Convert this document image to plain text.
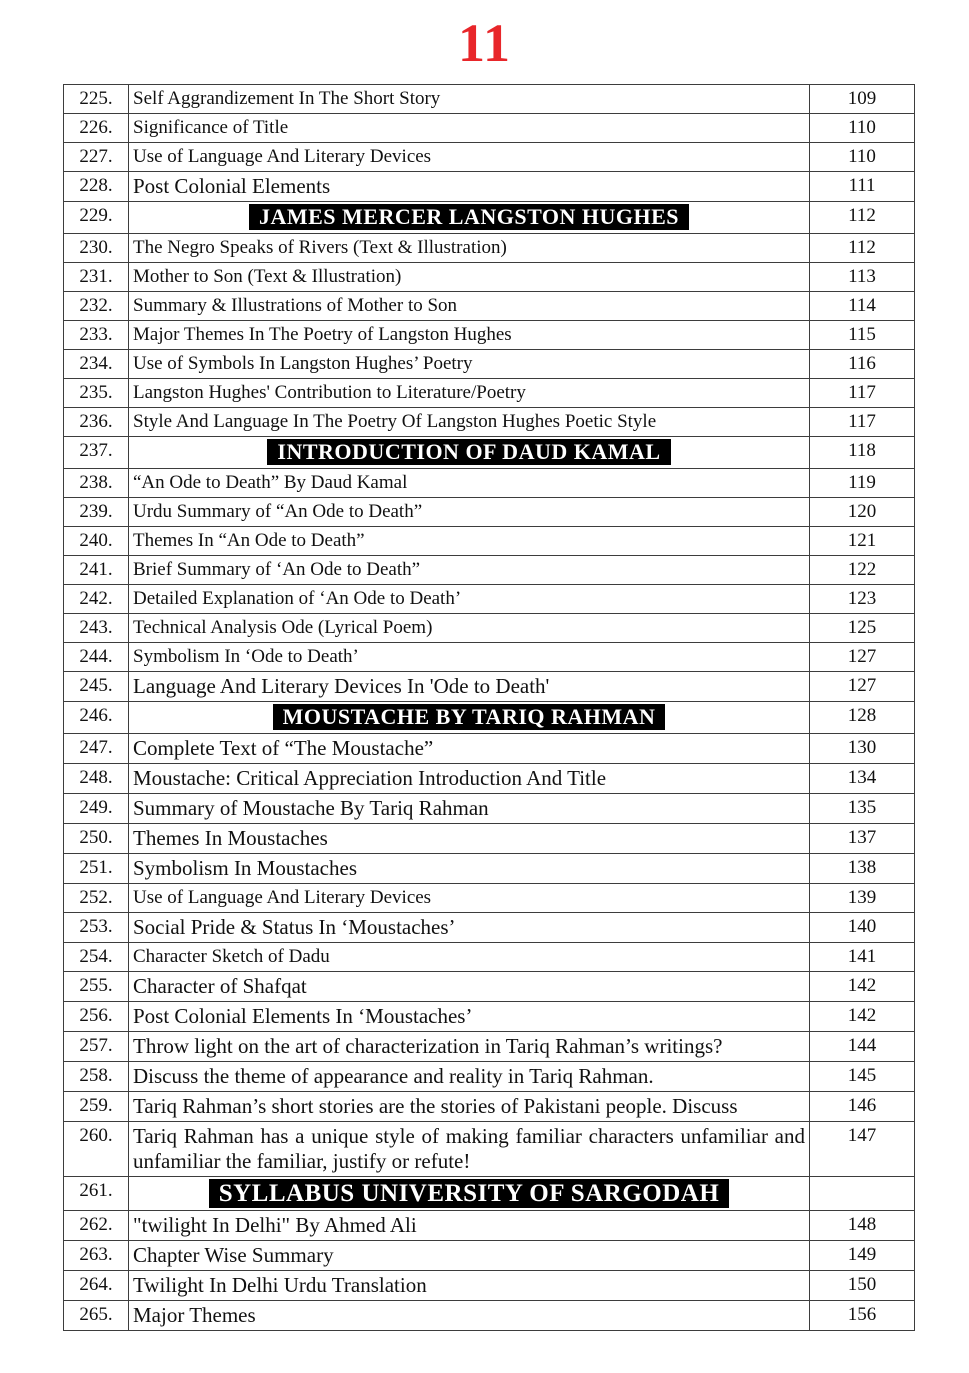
11
225.	Self Aggrandizement In The Short Story	109
226.	Significance of Title	110
227.	Use of Language And Literary Devices	110
228.	Post Colonial Elements	111
229.	JAMES MERCER LANGSTON HUGHES	112
230.	The Negro Speaks of Rivers (Text & Illustration)	112
231.	Mother to Son (Text & Illustration)	113
232.	Summary & Illustrations of Mother to Son	114
233.	Major Themes In The Poetry of Langston Hughes	115
234.	Use of Symbols In Langston Hughes’ Poetry	116
235.	Langston Hughes' Contribution to Literature/Poetry	117
236.	Style And Language In The Poetry Of Langston Hughes Poetic Style	117
237.	INTRODUCTION OF DAUD KAMAL	118
238.	“An Ode to Death” By Daud Kamal	119
239.	Urdu Summary of “An Ode to Death”	120
240.	Themes In “An Ode to Death”	121
241.	Brief Summary of ‘An Ode to Death”	122
242.	Detailed Explanation of ‘An Ode to Death’	123
243.	Technical Analysis Ode (Lyrical Poem)	125
244.	Symbolism In ‘Ode to Death’	127
245.	Language And Literary Devices In 'Ode to Death'	127
246.	MOUSTACHE BY TARIQ RAHMAN	128
247.	Complete Text of “The Moustache”	130
248.	Moustache: Critical Appreciation Introduction And Title	134
249.	Summary of Moustache By Tariq Rahman	135
250.	Themes In Moustaches	137
251.	Symbolism In Moustaches	138
252.	Use of Language And Literary Devices	139
253.	Social Pride & Status In ‘Moustaches’	140
254.	Character Sketch of Dadu	141
255.	Character of Shafqat	142
256.	Post Colonial Elements In ‘Moustaches’	142
257.	Throw light on the art of characterization in Tariq Rahman’s writings?	144
258.	Discuss the theme of appearance and reality in Tariq Rahman.	145
259.	Tariq Rahman’s short stories are the stories of Pakistani people. Discuss	146
260.	Tariq Rahman has a unique style of making familiar characters unfamiliar and unfamiliar the familiar, justify or refute!	147
261.	SYLLABUS UNIVERSITY OF SARGODAH	
262.	"twilight In Delhi" By Ahmed Ali	148
263.	Chapter Wise Summary	149
264.	Twilight In Delhi Urdu Translation	150
265.	Major Themes	156
